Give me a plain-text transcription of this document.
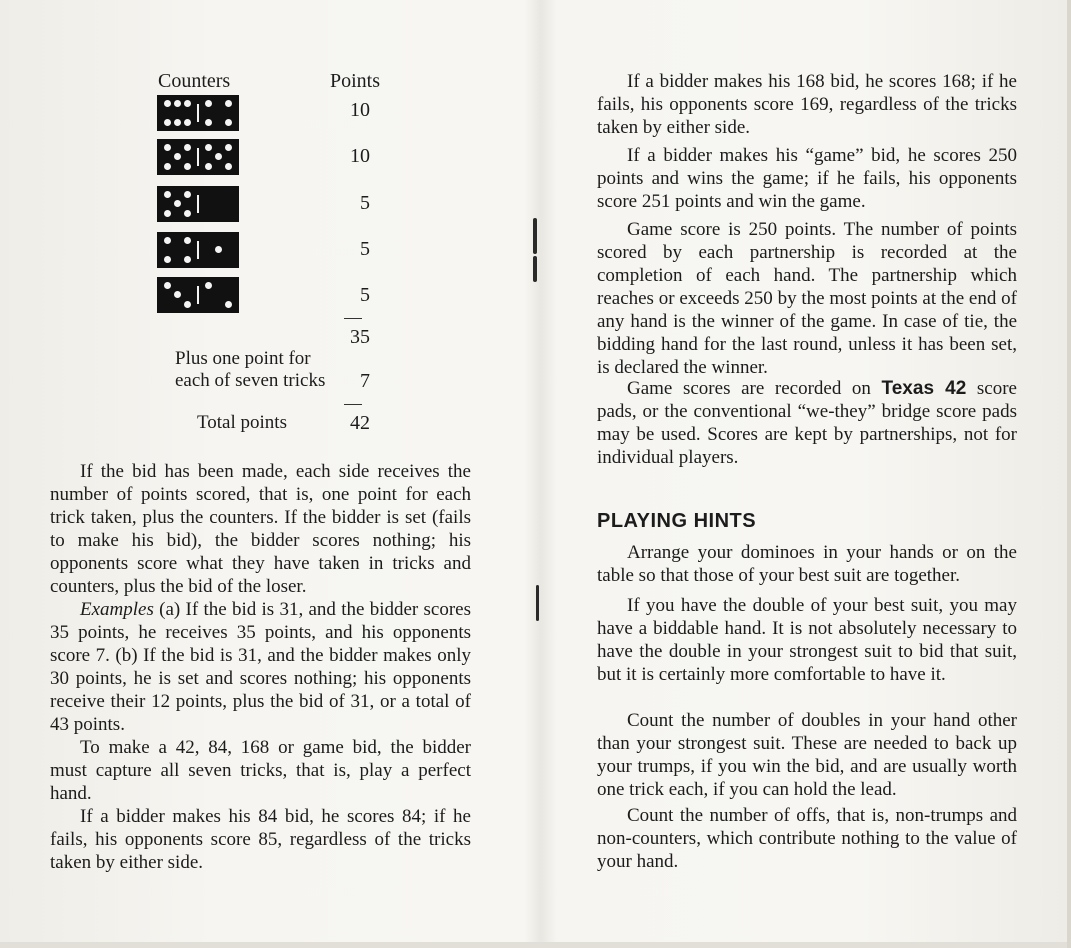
Counters	Points
10
10
5
5
5
35
Plus one point for
each of seven tricks	7
Total points	42

If the bid has been made, each side receives the number of points scored, that is, one point for each trick taken, plus the counters. If the bidder is set (fails to make his bid), the bidder scores nothing; his opponents score what they have taken in tricks and counters, plus the bid of the loser.

Examples (a) If the bid is 31, and the bidder scores 35 points, he receives 35 points, and his opponents score 7. (b) If the bid is 31, and the bidder makes only 30 points, he is set and scores nothing; his opponents receive their 12 points, plus the bid of 31, or a total of 43 points.

To make a 42, 84, 168 or game bid, the bidder must capture all seven tricks, that is, play a perfect hand.

If a bidder makes his 84 bid, he scores 84; if he fails, his opponents score 85, regardless of the tricks taken by either side.

If a bidder makes his 168 bid, he scores 168; if he fails, his opponents score 169, regardless of the tricks taken by either side.

If a bidder makes his “game” bid, he scores 250 points and wins the game; if he fails, his opponents score 251 points and win the game.

Game score is 250 points. The number of points scored by each partnership is recorded at the completion of each hand. The partnership which reaches or exceeds 250 by the most points at the end of any hand is the winner of the game. In case of tie, the bidding hand for the last round, unless it has been set, is declared the winner.

Game scores are recorded on Texas 42 score pads, or the conventional “we-they” bridge score pads may be used. Scores are kept by partnerships, not for individual players.

PLAYING HINTS

Arrange your dominoes in your hands or on the table so that those of your best suit are together.

If you have the double of your best suit, you may have a biddable hand. It is not absolutely necessary to have the double in your strongest suit to bid that suit, but it is certainly more comfortable to have it.

Count the number of doubles in your hand other than your strongest suit. These are needed to back up your trumps, if you win the bid, and are usually worth one trick each, if you can hold the lead.

Count the number of offs, that is, non-trumps and non-counters, which contribute nothing to the value of your hand.
